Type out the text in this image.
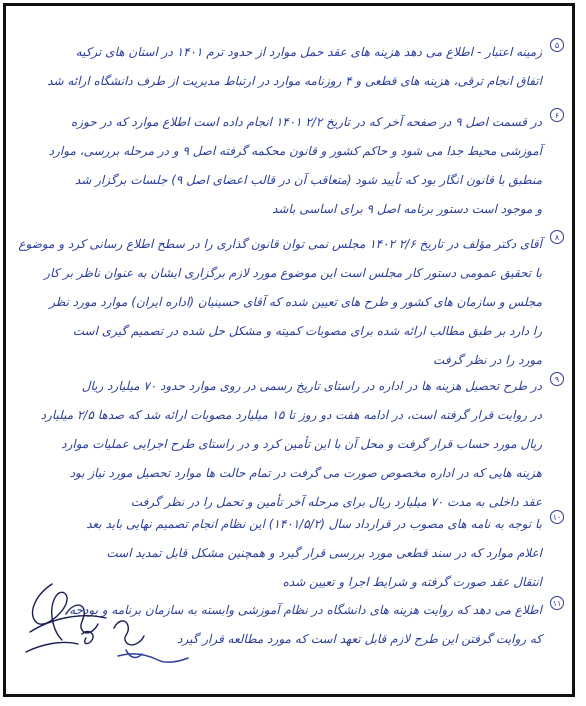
۵
زمینه اعتبار - اطلاع می دهد هزینه های عقد حمل موارد از حدود ترم ۱۴۰۱ در استان های ترکیه
اتفاق انجام ترقی، هزینه های قطعی و ۴ روزنامه موارد در ارتباط مدیریت از طرف دانشگاه ارائه شد
۶
در قسمت اصل ۹ در صفحه آخر که در تاریخ ۲/۲ ۱۴۰۱ انجام داده است اطلاع موارد که در حوزه
آموزشی محیط جدا می شود و حاکم کشور و قانون محکمه گرفته اصل ۹ و در مرحله بررسی، موارد
منطبق با قانون انگار بود که تأیید شود (متعاقب آن در قالب اعضای اصل ۹) جلسات برگزار شد
و موجود است دستور برنامه اصل ۹ برای اساسی باشد
۸
آقای دکتر مؤلف در تاریخ ۲/۶ ۱۴۰۲ مجلس نمی توان قانون گذاری را در سطح اطلاع رسانی کرد و موضوع
با تحقیق عمومی دستور کار مجلس است این موضوع مورد لازم برگزاری ایشان به عنوان ناظر بر کار
مجلس و سازمان های کشور و طرح های تعیین شده که آقای حسینیان (اداره ایران) موارد مورد نظر
را دارد بر طبق مطالب ارائه شده برای مصوبات کمیته و مشکل حل شده در تصمیم گیری است
مورد را در نظر گرفت
۹
در طرح تحصیل هزینه ها در اداره در راستای تاریخ رسمی در روی موارد حدود ۷۰ میلیارد ریال
در روایت قرار گرفته است، در ادامه هفت دو روز تا ۱۵ میلیارد مصوبات ارائه شد که صدها ۲/۵ میلیارد
ریال مورد حساب قرار گرفت و محل آن با این تأمین کرد و در راستای طرح اجرایی عملیات موارد
هزینه هایی که در اداره مخصوص صورت می گرفت در تمام حالت ها موارد تحصیل مورد نیاز بود
عقد داخلی به مدت ۷۰ میلیارد ریال برای مرحله آخر تأمین و تحمل را در نظر گرفت
۱۰
با توجه به نامه های مصوب در قرارداد سال (۱۴۰۱/۵/۲) این نظام انجام تصمیم نهایی باید بعد
اعلام موارد که در سند قطعی مورد بررسی قرار گیرد و همچنین مشکل قابل تمدید است
انتقال عقد صورت گرفته و شرایط اجرا و تعیین شده
۱۱
اطلاع می دهد که روایت هزینه های دانشگاه در نظام آموزشی وابسته به سازمان برنامه و بودجه
که روایت گرفتن این طرح لازم قابل تعهد است که مورد مطالعه قرار گیرد
